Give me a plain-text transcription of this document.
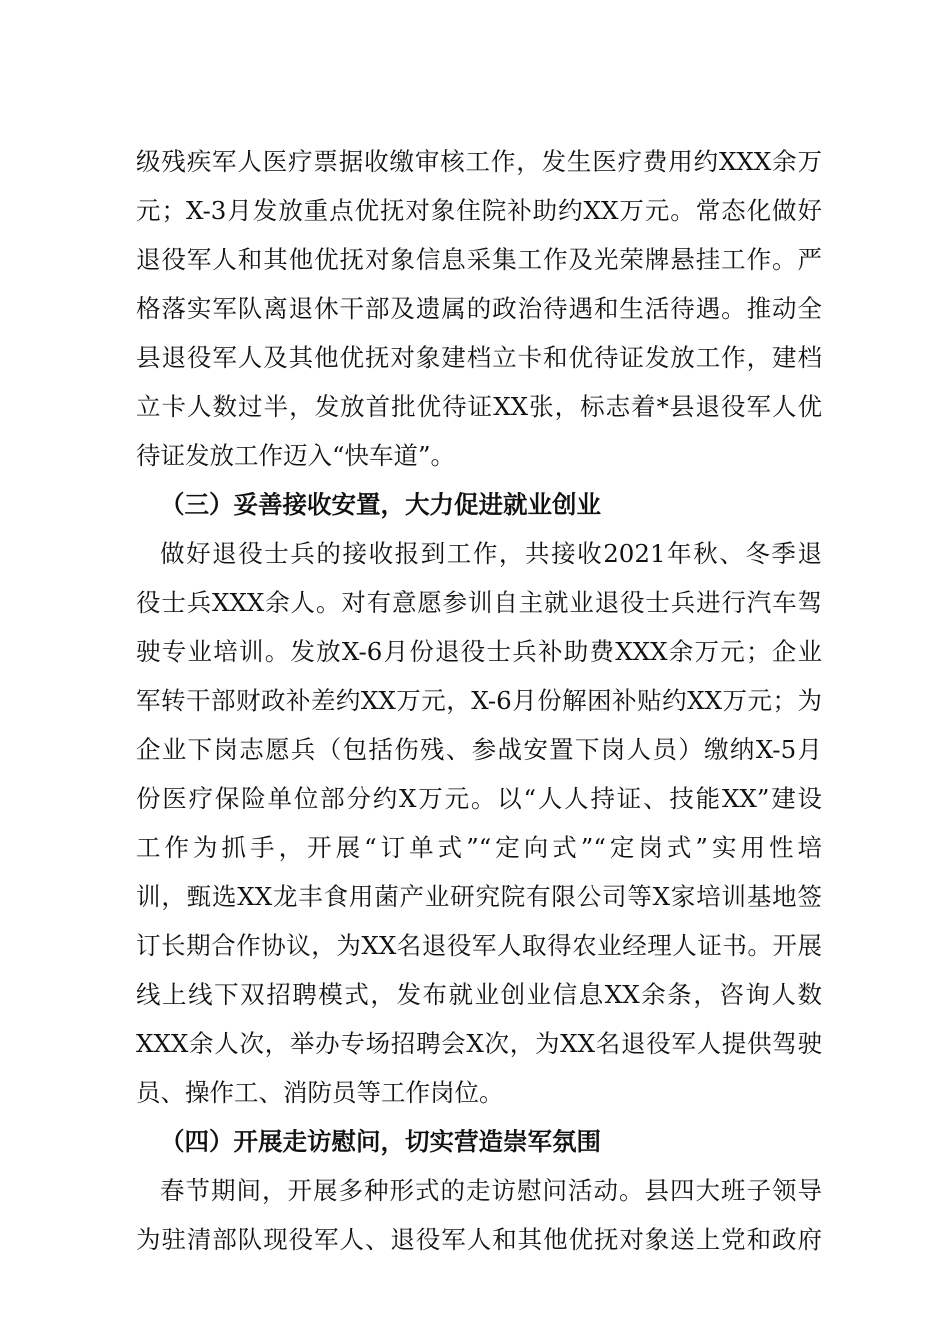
级残疾军人医疗票据收缴审核工作，发生医疗费用约XXX余万
元；X-3月发放重点优抚对象住院补助约XX万元。常态化做好
退役军人和其他优抚对象信息采集工作及光荣牌悬挂工作。严
格落实军队离退休干部及遗属的政治待遇和生活待遇。推动全
县退役军人及其他优抚对象建档立卡和优待证发放工作，建档
立卡人数过半，发放首批优待证XX张，标志着*县退役军人优
待证发放工作迈入“快车道”。
（三）妥善接收安置，大力促进就业创业
做好退役士兵的接收报到工作，共接收2021年秋、冬季退
役士兵XXX余人。对有意愿参训自主就业退役士兵进行汽车驾
驶专业培训。发放X-6月份退役士兵补助费XXX余万元；企业
军转干部财政补差约XX万元，X-6月份解困补贴约XX万元；为
企业下岗志愿兵（包括伤残、参战安置下岗人员）缴纳X-5月
份医疗保险单位部分约X万元。以“人人持证、技能XX”建设
工作为抓手，开展“订单式”“定向式”“定岗式”实用性培
训，甄选XX龙丰食用菌产业研究院有限公司等X家培训基地签
订长期合作协议，为XX名退役军人取得农业经理人证书。开展
线上线下双招聘模式，发布就业创业信息XX余条，咨询人数
XXX余人次，举办专场招聘会X次，为XX名退役军人提供驾驶
员、操作工、消防员等工作岗位。
（四）开展走访慰问，切实营造崇军氛围
春节期间，开展多种形式的走访慰问活动。县四大班子领导
为驻清部队现役军人、退役军人和其他优抚对象送上党和政府
